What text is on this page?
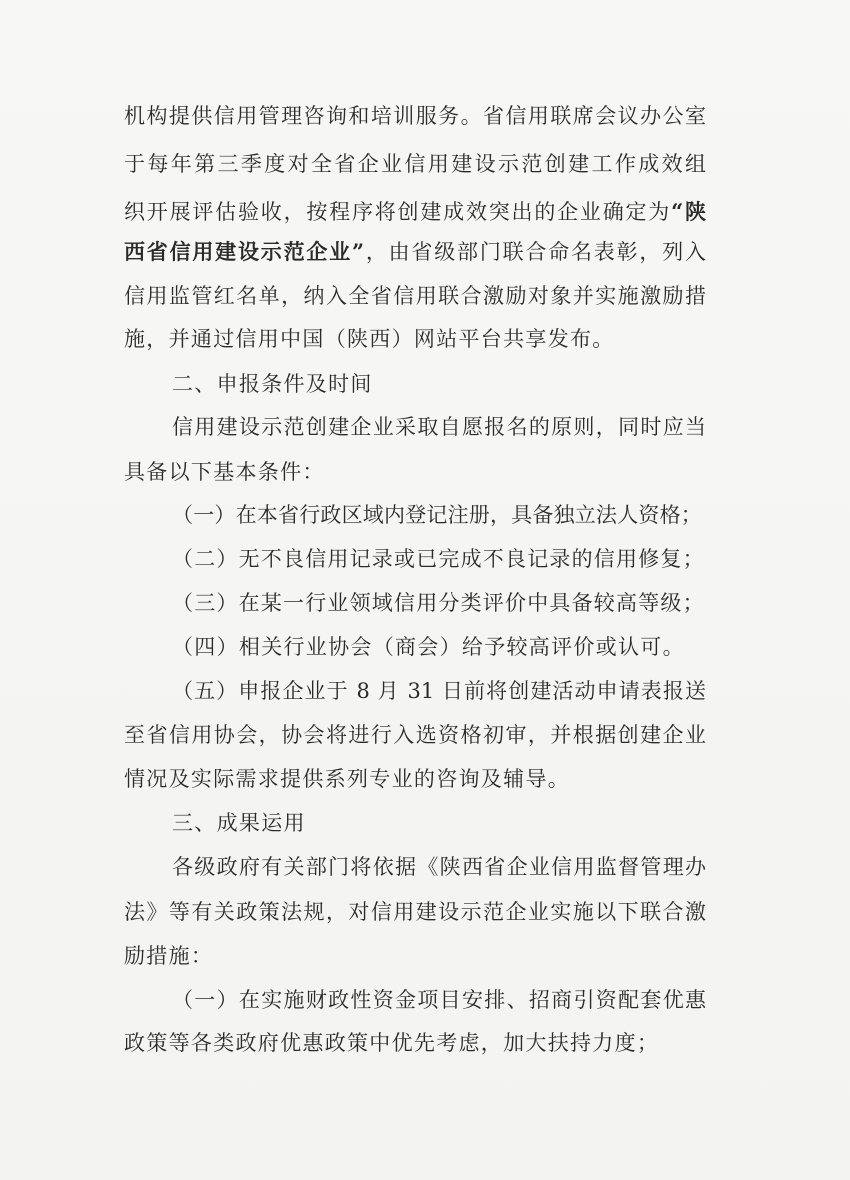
机构提供信用管理咨询和培训服务。省信用联席会议办公室
于每年第三季度对全省企业信用建设示范创建工作成效组
织开展评估验收，按程序将创建成效突出的企业确定为“陕
西省信用建设示范企业”，由省级部门联合命名表彰，列入
信用监管红名单，纳入全省信用联合激励对象并实施激励措
施，并通过信用中国（陕西）网站平台共享发布。
二、申报条件及时间
信用建设示范创建企业采取自愿报名的原则，同时应当
具备以下基本条件：
（一）在本省行政区域内登记注册，具备独立法人资格；
（二）无不良信用记录或已完成不良记录的信用修复；
（三）在某一行业领域信用分类评价中具备较高等级；
（四）相关行业协会（商会）给予较高评价或认可。
（五）申报企业于 8 月 31 日前将创建活动申请表报送
至省信用协会，协会将进行入选资格初审，并根据创建企业
情况及实际需求提供系列专业的咨询及辅导。
三、成果运用
各级政府有关部门将依据《陕西省企业信用监督管理办
法》等有关政策法规，对信用建设示范企业实施以下联合激
励措施：
（一）在实施财政性资金项目安排、招商引资配套优惠
政策等各类政府优惠政策中优先考虑，加大扶持力度；
